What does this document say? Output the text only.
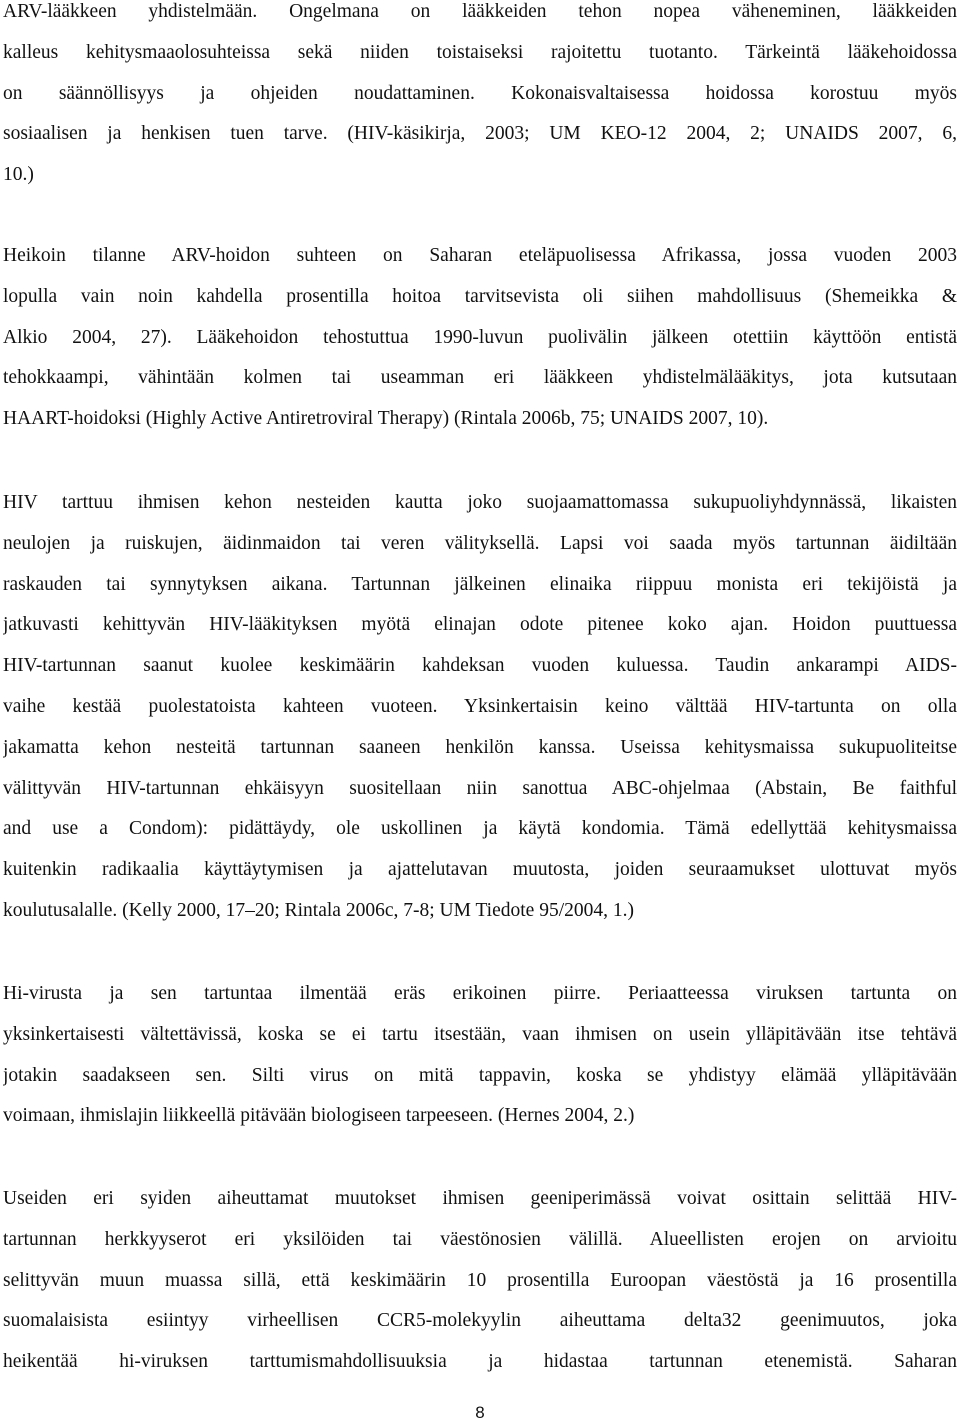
ARV-lääkkeen yhdistelmään. Ongelmana on lääkkeiden tehon nopea väheneminen, lääkkeiden
kalleus kehitysmaaolosuhteissa sekä niiden toistaiseksi rajoitettu tuotanto. Tärkeintä lääkehoidossa
on säännöllisyys ja ohjeiden noudattaminen. Kokonaisvaltaisessa hoidossa korostuu myös
sosiaalisen ja henkisen tuen tarve. (HIV-käsikirja, 2003; UM KEO-12 2004, 2; UNAIDS 2007, 6,
10.)
Heikoin tilanne ARV-hoidon suhteen on Saharan eteläpuolisessa Afrikassa, jossa vuoden 2003
lopulla vain noin kahdella prosentilla hoitoa tarvitsevista oli siihen mahdollisuus (Shemeikka &
Alkio 2004, 27). Lääkehoidon tehostuttua 1990-luvun puolivälin jälkeen otettiin käyttöön entistä
tehokkaampi, vähintään kolmen tai useamman eri lääkkeen yhdistelmälääkitys, jota kutsutaan
HAART-hoidoksi (Highly Active Antiretroviral Therapy) (Rintala 2006b, 75; UNAIDS 2007, 10).
HIV tarttuu ihmisen kehon nesteiden kautta joko suojaamattomassa sukupuoliyhdynnässä, likaisten
neulojen ja ruiskujen, äidinmaidon tai veren välityksellä. Lapsi voi saada myös tartunnan äidiltään
raskauden tai synnytyksen aikana. Tartunnan jälkeinen elinaika riippuu monista eri tekijöistä ja
jatkuvasti kehittyvän HIV-lääkityksen myötä elinajan odote pitenee koko ajan. Hoidon puuttuessa
HIV-tartunnan saanut kuolee keskimäärin kahdeksan vuoden kuluessa. Taudin ankarampi AIDS-
vaihe kestää puolestatoista kahteen vuoteen. Yksinkertaisin keino välttää HIV-tartunta on olla
jakamatta kehon nesteitä tartunnan saaneen henkilön kanssa. Useissa kehitysmaissa sukupuoliteitse
välittyvän HIV-tartunnan ehkäisyyn suositellaan niin sanottua ABC-ohjelmaa (Abstain, Be faithful
and use a Condom): pidättäydy, ole uskollinen ja käytä kondomia. Tämä edellyttää kehitysmaissa
kuitenkin radikaalia käyttäytymisen ja ajattelutavan muutosta, joiden seuraamukset ulottuvat myös
koulutusalalle. (Kelly 2000, 17–20; Rintala 2006c, 7-8; UM Tiedote 95/2004, 1.)
Hi-virusta ja sen tartuntaa ilmentää eräs erikoinen piirre. Periaatteessa viruksen tartunta on
yksinkertaisesti vältettävissä, koska se ei tartu itsestään, vaan ihmisen on usein ylläpitävään itse tehtävä
jotakin saadakseen sen. Silti virus on mitä tappavin, koska se yhdistyy elämää ylläpitävään
voimaan, ihmislajin liikkeellä pitävään biologiseen tarpeeseen. (Hernes 2004, 2.)
Useiden eri syiden aiheuttamat muutokset ihmisen geeniperimässä voivat osittain selittää HIV-
tartunnan herkkyyserot eri yksilöiden tai väestönosien välillä. Alueellisten erojen on arvioitu
selittyvän muun muassa sillä, että keskimäärin 10 prosentilla Euroopan väestöstä ja 16 prosentilla
suomalaisista esiintyy virheellisen CCR5-molekyylin aiheuttama delta32 geenimuutos, joka
heikentää hi-viruksen tarttumismahdollisuuksia ja hidastaa tartunnan etenemistä. Saharan
8
